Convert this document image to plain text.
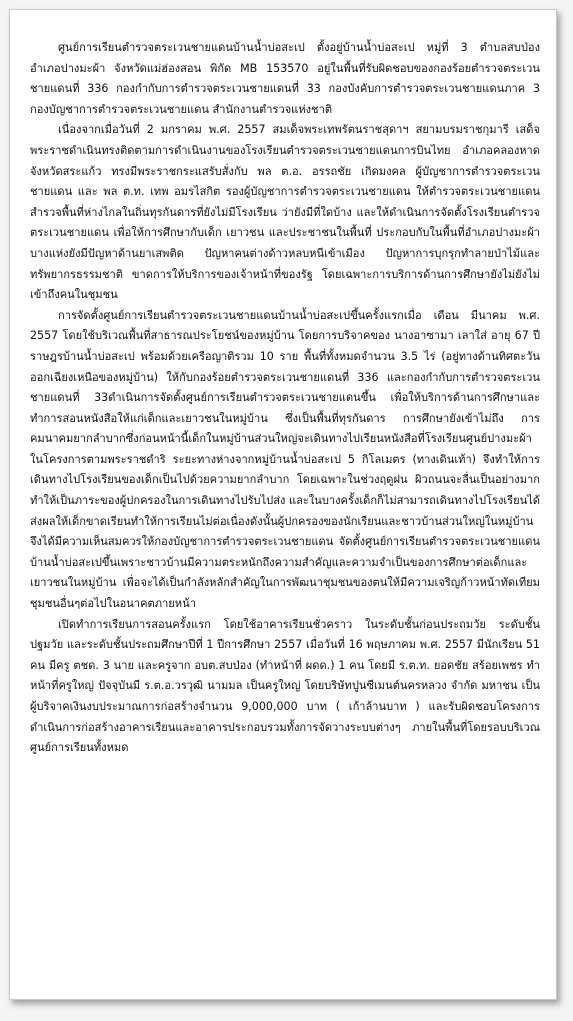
ศูนย์การเรียนตำรวจตระเวนชายแดนบ้านน้ำบ่อสะเป ตั้งอยู่บ้านน้ำบ่อสะเป หมู่ที่ 3 ตำบลสบป่อง อำเภอปางมะผ้า จังหวัดแม่ฮ่องสอน พิกัด MB 153570 อยู่ในพื้นที่รับผิดชอบของกองร้อยตำรวจตระเวนชายแดนที่ 336 กองกำกับการตำรวจตระเวนชายแดนที่ 33 กองบังคับการตำรวจตระเวนชายแดนภาค 3 กองบัญชาการตำรวจตระเวนชายแดน สำนักงานตำรวจแห่งชาติ

เนื่องจากเมื่อวันที่ 2 มกราคม พ.ศ. 2557 สมเด็จพระเทพรัตนราชสุดาฯ สยามบรมราชกุมารี เสด็จพระราชดำเนินทรงติดตามการดำเนินงานของโรงเรียนตำรวจตระเวนชายแดนการบินไทย อำเภอคลองหาด จังหวัดสระแก้ว ทรงมีพระราชกระแสรับสั่งกับ พล ต.อ. อรรถชัย เกิดมงคล ผู้บัญชาการตำรวจตระเวนชายแดน และ พล ต.ท. เทพ อมรไสกิต รองผู้บัญชาการตำรวจตระเวนชายแดน ให้ตำรวจตระเวนชายแดนสำรวจพื้นที่ห่างไกลในถิ่นทุรกันดารที่ยังไม่มีโรงเรียน ว่ายังมีที่ใดบ้าง และให้ดำเนินการจัดตั้งโรงเรียนตำรวจตระเวนชายแดน เพื่อให้การศึกษากับเด็ก เยาวชน และประชาชนในพื้นที่ ประกอบกับในพื้นที่อำเภอปางมะผ้าบางแห่งยังมีปัญหาด้านยาเสพติด ปัญหาคนต่างด้าวหลบหนีเข้าเมือง ปัญหาการบุกรุกทำลายป่าไม้และทรัพยากรธรรมชาติ ขาดการให้บริการของเจ้าหน้าที่ของรัฐ โดยเฉพาะการบริการด้านการศึกษายังไม่ยังไม่เข้าถึงคนในชุมชน

การจัดตั้งศูนย์การเรียนตำรวจตระเวนชายแดนบ้านน้ำบ่อสะเปขึ้นครั้งแรกเมื่อ เดือน มีนาคม พ.ศ. 2557 โดยใช้บริเวณพื้นที่สาธารณประโยชน์ของหมู่บ้าน โดยการบริจาคของ นางอาซามา เลาใส่ อายุ 67 ปี ราษฎรบ้านน้ำบ่อสะเป พร้อมด้วยเครือญาติรวม 10 ราย พื้นที่ทั้งหมดจำนวน 3.5 ไร่ (อยู่ทางด้านทิศตะวันออกเฉียงเหนือของหมู่บ้าน) ให้กับกองร้อยตำรวจตระเวนชายแดนที่ 336 และกองกำกับการตำรวจตระเวนชายแดนที่ 33ดำเนินการจัดตั้งศูนย์การเรียนตำรวจตระเวนชายแดนขึ้น เพื่อให้บริการด้านการศึกษาและทำการสอนหนังสือให้แก่เด็กและเยาวชนในหมู่บ้าน ซึ่งเป็นพื้นที่ทุรกันดาร การศึกษายังเข้าไม่ถึง การคมนาคมยากลำบากซึ่งก่อนหน้านี้เด็กในหมู่บ้านส่วนใหญ่จะเดินทางไปเรียนหนังสือที่โรงเรียนศูนย์ปางมะผ้าในโครงการตามพระราชดำริ ระยะทางห่างจากหมู่บ้านน้ำบ่อสะเป 5 กิโลเมตร (ทางเดินเท้า) จึงทำให้การเดินทางไปโรงเรียนของเด็กเป็นไปด้วยความยากลำบาก โดยเฉพาะในช่วงฤดูฝน ผิวถนนจะลื่นเป็นอย่างมากทำให้เป็นภาระของผู้ปกครองในการเดินทางไปรับไปส่ง และในบางครั้งเด็กก็ไม่สามารถเดินทางไปโรงเรียนได้ ส่งผลให้เด็กขาดเรียนทำให้การเรียนไม่ต่อเนื่องดังนั้นผู้ปกครองของนักเรียนและชาวบ้านส่วนใหญ่ในหมู่บ้าน จึงได้มีความเห็นสมควรให้กองบัญชาการตำรวจตระเวนชายแดน จัดตั้งศูนย์การเรียนตำรวจตระเวนชายแดนบ้านน้ำบ่อสะเปขึ้นเพราะชาวบ้านมีความตระหนักถึงความสำคัญและความจำเป็นของการศึกษาต่อเด็กและเยาวชนในหมู่บ้าน เพื่อจะได้เป็นกำลังหลักสำคัญในการพัฒนาชุมชนของตนให้มีความเจริญก้าวหน้าทัดเทียมชุมชนอื่นๆต่อไปในอนาคตภายหน้า

เปิดทำการเรียนการสอนครั้งแรก โดยใช้อาคารเรียนชั่วคราว ในระดับชั้นก่อนประถมวัย ระดับชั้นปฐมวัย และระดับชั้นประถมศึกษาปีที่ 1 ปีการศึกษา 2557 เมื่อวันที่ 16 พฤษภาคม พ.ศ. 2557 มีนักเรียน 51 คน มีครู ตชด. 3 นาย และครูจาก อบต.สบป่อง (ทำหน้าที่ ผดด.) 1 คน โดยมี ร.ต.ท. ยอดชัย สร้อยเพชร ทำหน้าที่ครูใหญ่ ปัจจุบันมี ร.ต.อ.วรวุฒิ นามมล เป็นครูใหญ่ โดยบริษัทปูนซีเมนต์นครหลวง จำกัด มหาชน เป็นผู้บริจาคเงินงบประมาณการก่อสร้างจำนวน 9,000,000 บาท ( เก้าล้านบาท ) และรับผิดชอบโครงการ ดำเนินการก่อสร้างอาคารเรียนและอาคารประกอบรวมทั้งการจัดวางระบบต่างๆ ภายในพื้นที่โดยรอบบริเวณศูนย์การเรียนทั้งหมด
